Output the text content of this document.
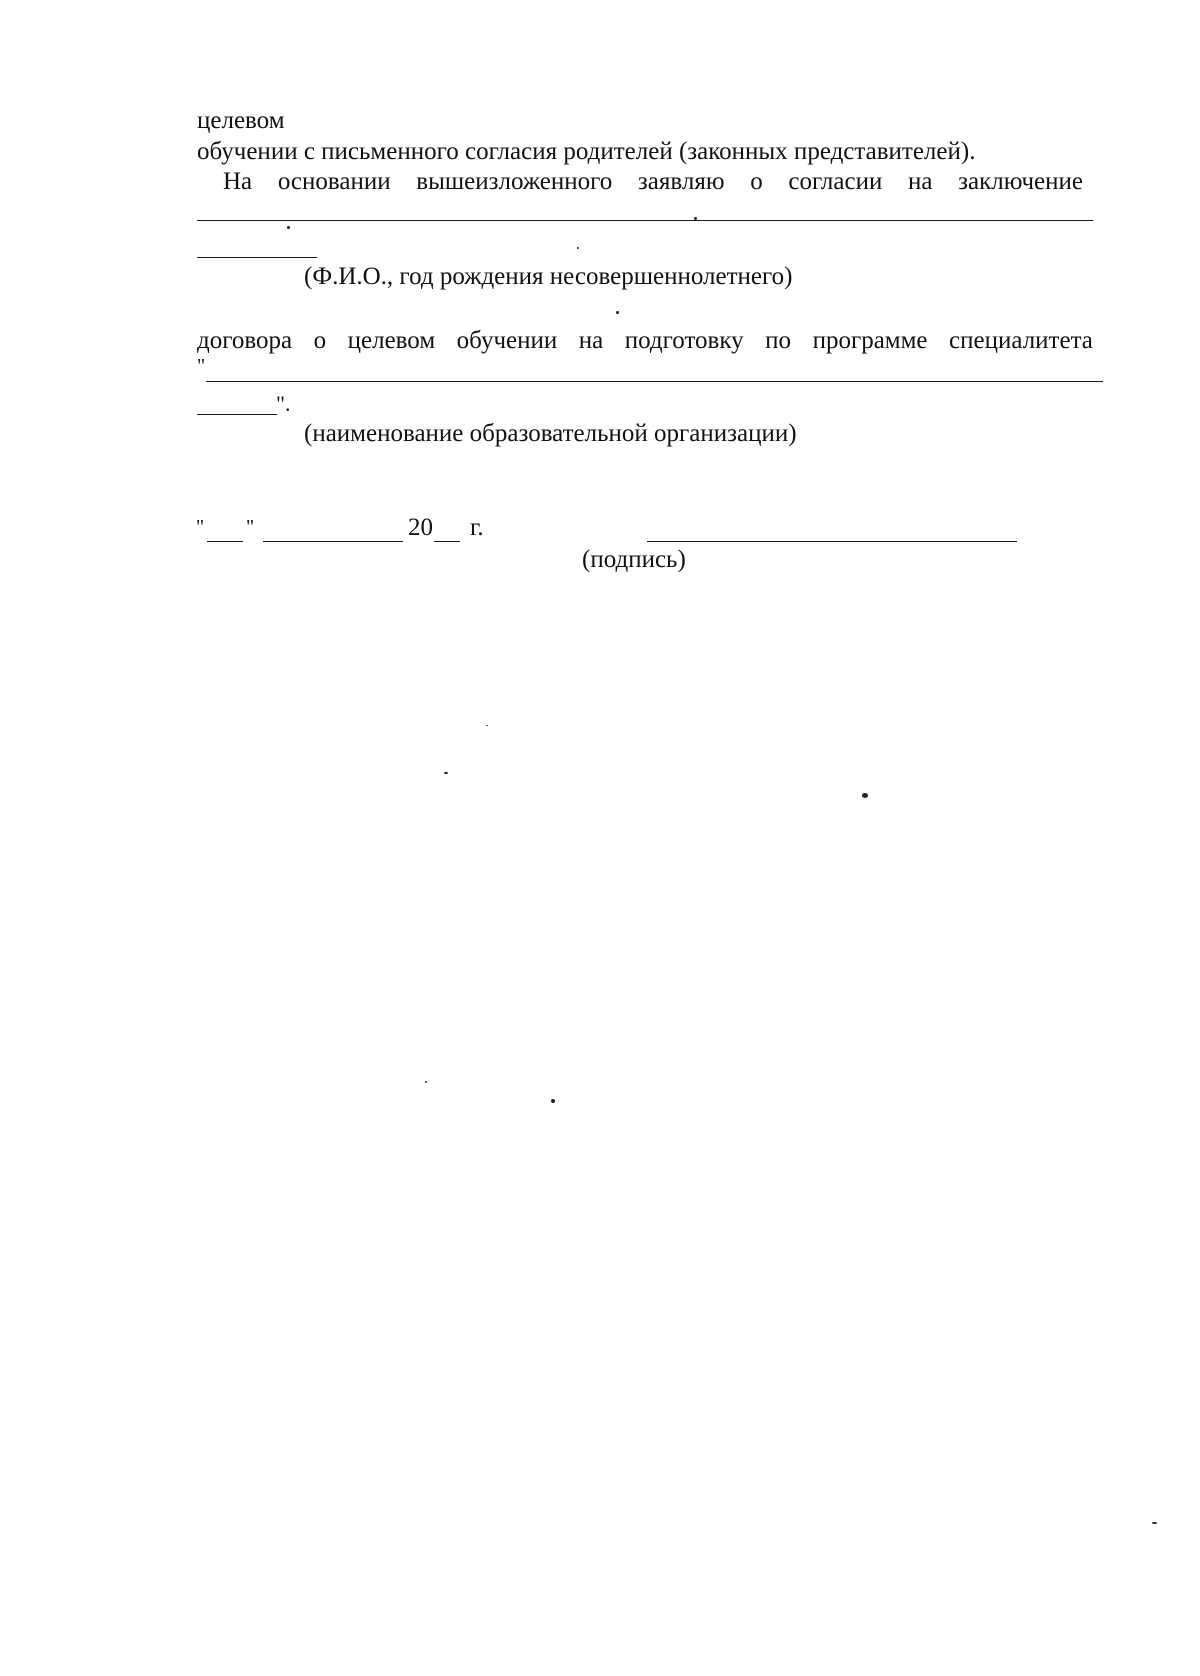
целевом
обучении с письменного согласия родителей (законных представителей).
На основании вышеизложенного заявляю о согласии на заключение
(Ф.И.О., год рождения несовершеннолетнего)
договора о целевом обучении на подготовку по программе специалитета
"
".
(наименование образовательной организации)
" "	20 г.
(подпись)
